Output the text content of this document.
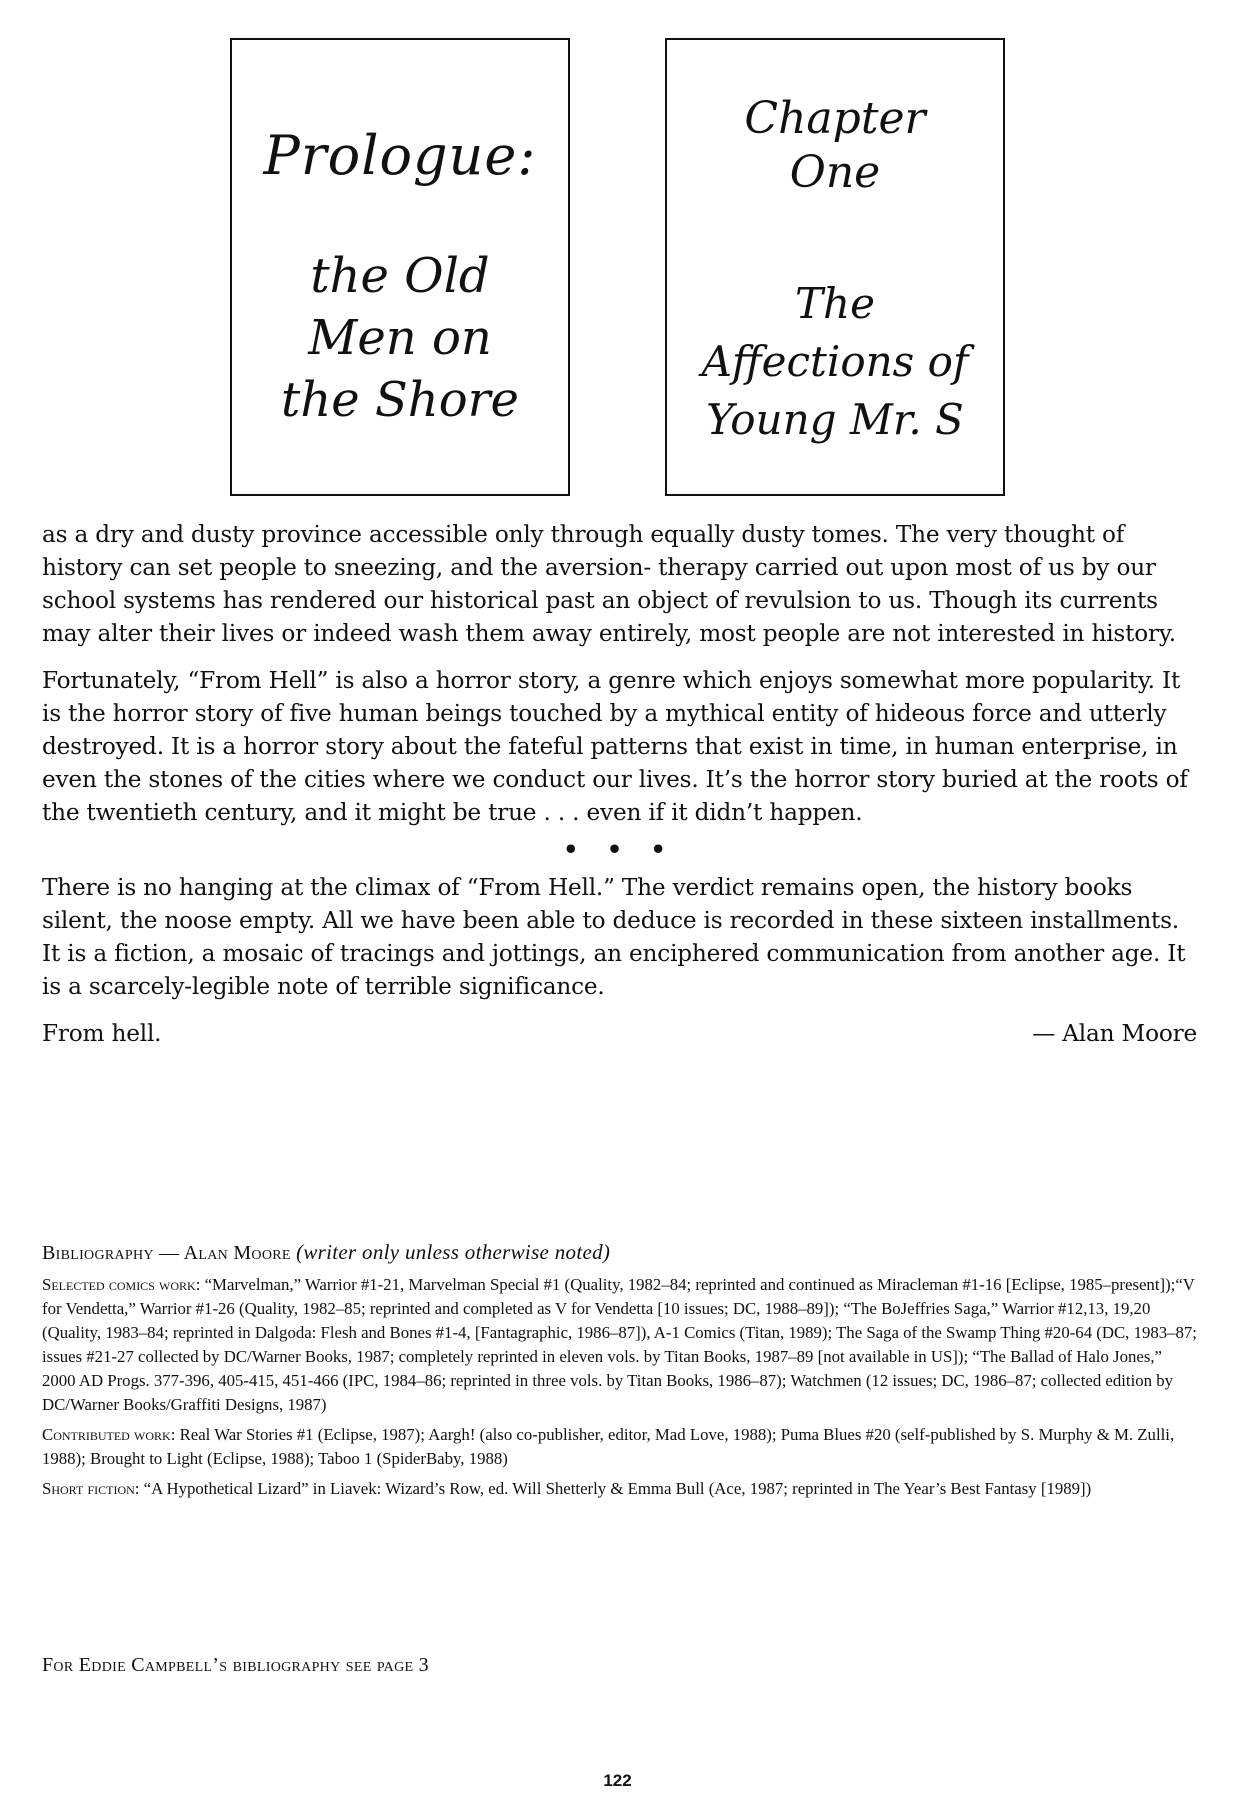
Prologue:
the Old
Men on
the Shore
Chapter
One
The
Affections of
Young Mr. S

as a dry and dusty province accessible only through equally dusty tomes. The very thought of history can set people to sneezing, and the aversion- therapy carried out upon most of us by our school systems has rendered our historical past an object of revulsion to us. Though its currents may alter their lives or indeed wash them away entirely, most people are not interested in history.

Fortunately, “From Hell” is also a horror story, a genre which enjoys somewhat more popularity. It is the horror story of five human beings touched by a mythical entity of hideous force and utterly destroyed. It is a horror story about the fateful patterns that exist in time, in human enterprise, in even the stones of the cities where we conduct our lives. It’s the horror story buried at the roots of the twentieth century, and it might be true . . . even if it didn’t happen.

• • •

There is no hanging at the climax of “From Hell.” The verdict remains open, the history books silent, the noose empty. All we have been able to deduce is recorded in these sixteen installments. It is a fiction, a mosaic of tracings and jottings, an enciphered communication from another age. It is a scarcely-legible note of terrible significance.

From hell.	— Alan Moore
Bibliography — Alan Moore (writer only unless otherwise noted)

Selected comics work: “Marvelman,” Warrior #1-21, Marvelman Special #1 (Quality, 1982–84; reprinted and continued as Miracleman #1-16 [Eclipse, 1985–present]);“V for Vendetta,” Warrior #1-26 (Quality, 1982–85; reprinted and completed as V for Vendetta [10 issues; DC, 1988–89]); “The BoJeffries Saga,” Warrior #12,13, 19,20 (Quality, 1983–84; reprinted in Dalgoda: Flesh and Bones #1-4, [Fantagraphic, 1986–87]), A-1 Comics (Titan, 1989); The Saga of the Swamp Thing #20-64 (DC, 1983–87; issues #21-27 collected by DC/Warner Books, 1987; completely reprinted in eleven vols. by Titan Books, 1987–89 [not available in US]); “The Ballad of Halo Jones,” 2000 AD Progs. 377-396, 405-415, 451-466 (IPC, 1984–86; reprinted in three vols. by Titan Books, 1986–87); Watchmen (12 issues; DC, 1986–87; collected edition by DC/Warner Books/Graffiti Designs, 1987)

Contributed work: Real War Stories #1 (Eclipse, 1987); Aargh! (also co-publisher, editor, Mad Love, 1988); Puma Blues #20 (self-published by S. Murphy & M. Zulli, 1988); Brought to Light (Eclipse, 1988); Taboo 1 (SpiderBaby, 1988)

Short fiction: “A Hypothetical Lizard” in Liavek: Wizard’s Row, ed. Will Shetterly & Emma Bull (Ace, 1987; reprinted in The Year’s Best Fantasy [1989])

For Eddie Campbell’s bibliography see page 3
122
